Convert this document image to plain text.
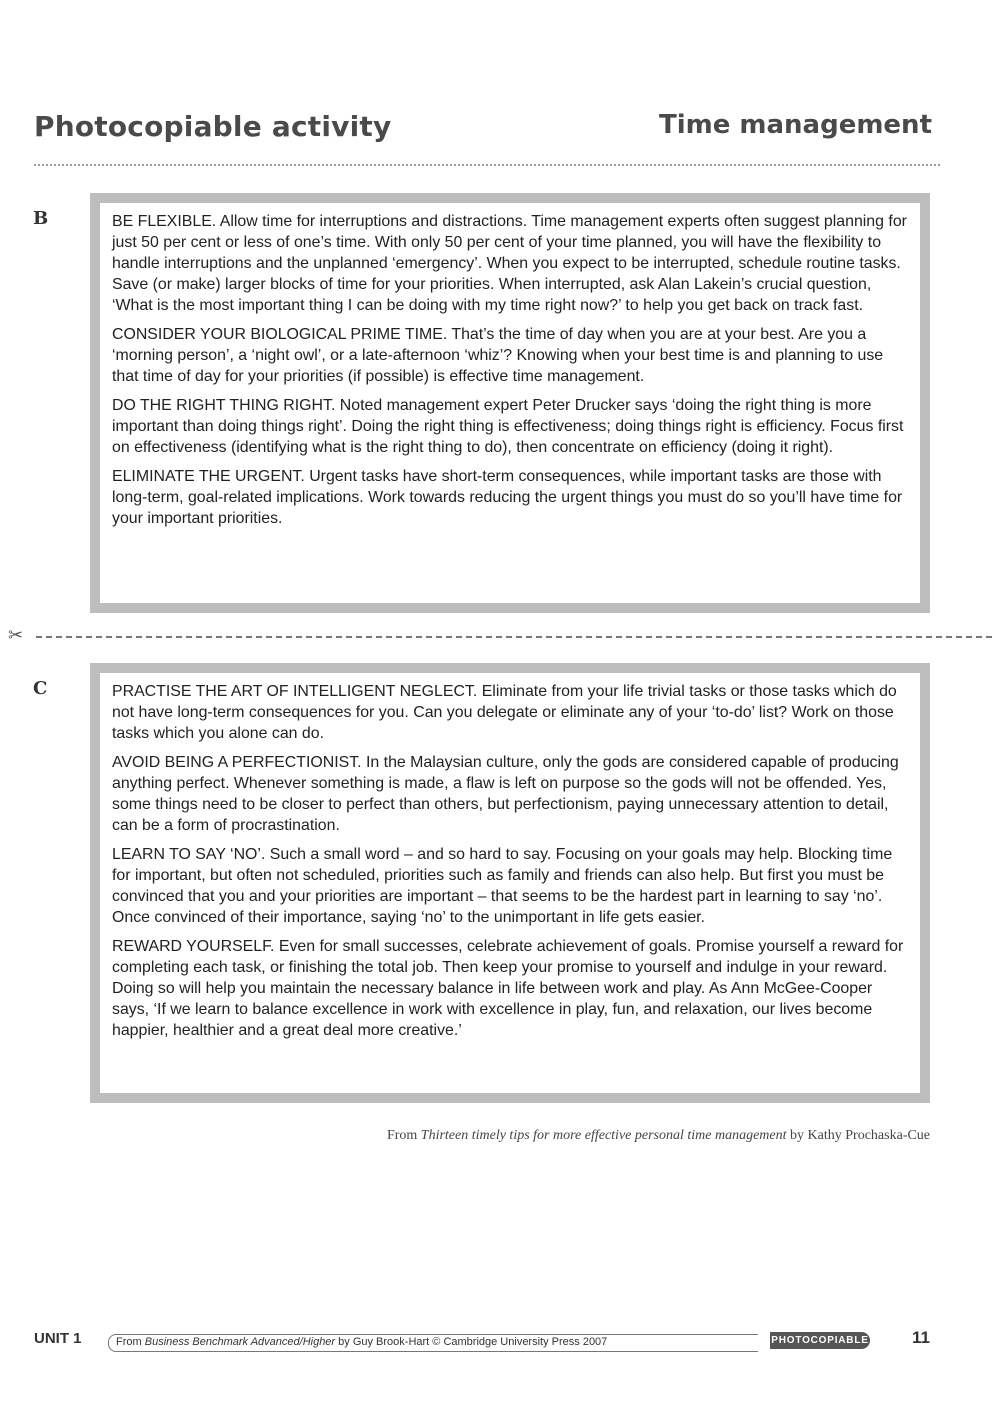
Photocopiable activity	Time management
B	BE FLEXIBLE. Allow time for interruptions and distractions. Time management experts often suggest planning for just 50 per cent or less of one’s time. With only 50 per cent of your time planned, you will have the flexibility to handle interruptions and the unplanned ‘emergency’. When you expect to be interrupted, schedule routine tasks. Save (or make) larger blocks of time for your priorities. When interrupted, ask Alan Lakein’s crucial question, ‘What is the most important thing I can be doing with my time right now?’ to help you get back on track fast.

CONSIDER YOUR BIOLOGICAL PRIME TIME. That’s the time of day when you are at your best. Are you a ‘morning person’, a ‘night owl’, or a late-afternoon ‘whiz’? Knowing when your best time is and planning to use that time of day for your priorities (if possible) is effective time management.

DO THE RIGHT THING RIGHT. Noted management expert Peter Drucker says ‘doing the right thing is more important than doing things right’. Doing the right thing is effectiveness; doing things right is efficiency. Focus first on effectiveness (identifying what is the right thing to do), then concentrate on efficiency (doing it right).

ELIMINATE THE URGENT. Urgent tasks have short-term consequences, while important tasks are those with long-term, goal-related implications. Work towards reducing the urgent things you must do so you’ll have time for your important priorities.

✂
C	PRACTISE THE ART OF INTELLIGENT NEGLECT. Eliminate from your life trivial tasks or those tasks which do not have long-term consequences for you. Can you delegate or eliminate any of your ‘to-do’ list? Work on those tasks which you alone can do.

AVOID BEING A PERFECTIONIST. In the Malaysian culture, only the gods are considered capable of producing anything perfect. Whenever something is made, a flaw is left on purpose so the gods will not be offended. Yes, some things need to be closer to perfect than others, but perfectionism, paying unnecessary attention to detail, can be a form of procrastination.

LEARN TO SAY ‘NO’. Such a small word – and so hard to say. Focusing on your goals may help. Blocking time for important, but often not scheduled, priorities such as family and friends can also help. But first you must be convinced that you and your priorities are important – that seems to be the hardest part in learning to say ‘no’. Once convinced of their importance, saying ‘no’ to the unimportant in life gets easier.

REWARD YOURSELF. Even for small successes, celebrate achievement of goals. Promise yourself a reward for completing each task, or finishing the total job. Then keep your promise to yourself and indulge in your reward. Doing so will help you maintain the necessary balance in life between work and play. As Ann McGee-Cooper says, ‘If we learn to balance excellence in work with excellence in play, fun, and relaxation, our lives become happier, healthier and a great deal more creative.’

From Thirteen timely tips for more effective personal time management by Kathy Prochaska-Cue
UNIT 1	From Business Benchmark Advanced/Higher by Guy Brook-Hart © Cambridge University Press 2007	PHOTOCOPIABLE	11
